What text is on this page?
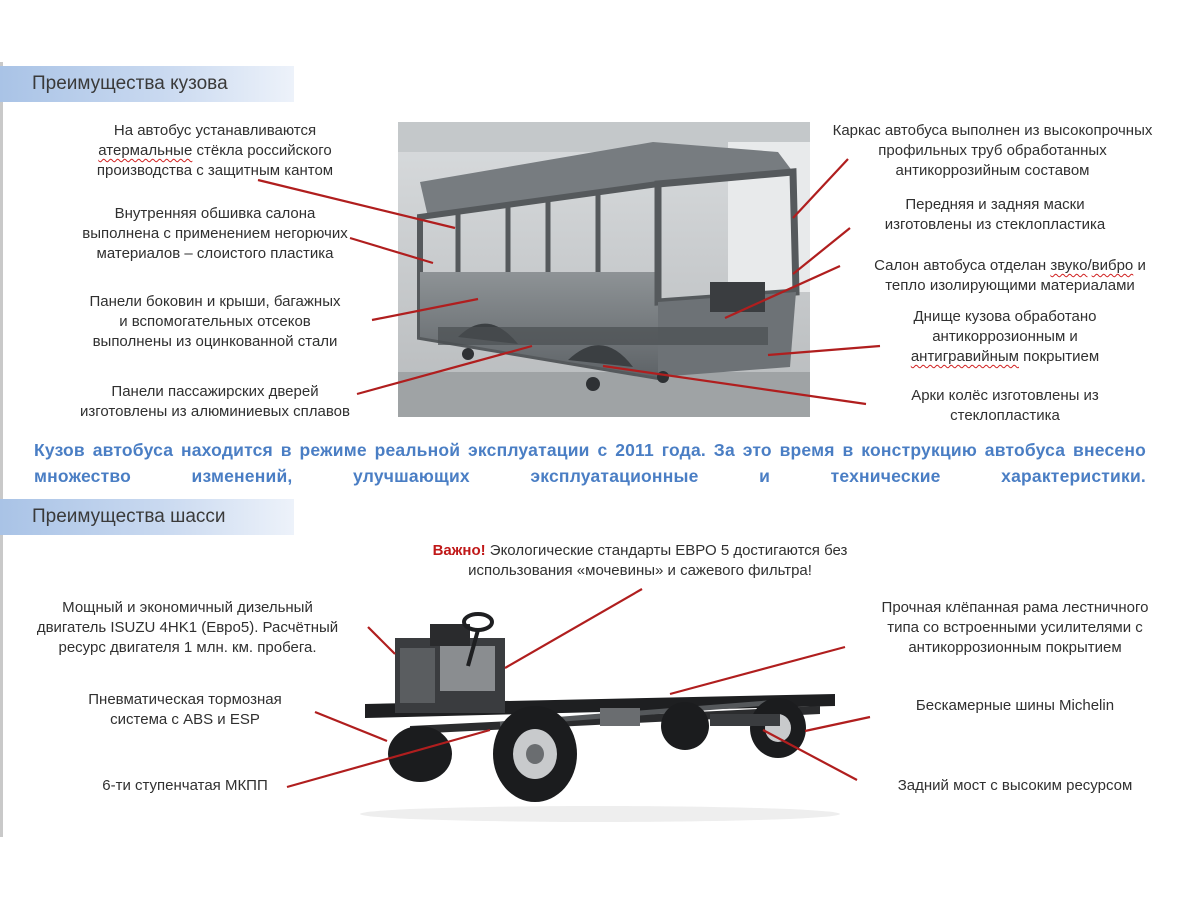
Преимущества кузова
На автобус устанавливаются
атермальные стёкла российского
производства с защитным кантом
Внутренняя обшивка салона
выполнена с применением негорючих
материалов – слоистого пластика
Панели боковин и крыши, багажных
и вспомогательных отсеков
выполнены из оцинкованной стали
Панели пассажирских дверей
изготовлены из алюминиевых сплавов
Каркас автобуса выполнен из высокопрочных
профильных труб обработанных
антикоррозийным составом
Передняя и задняя маски
изготовлены из стеклопластика
Салон автобуса отделан звуко/вибро и
тепло изолирующими материалами
Днище кузова обработано
антикоррозионным и
антигравийным покрытием
Арки колёс изготовлены из
стеклопластика
Кузов автобуса находится в режиме реальной эксплуатации с 2011 года. За это время в конструкцию автобуса внесено множество изменений, улучшающих эксплуатационные и технические характеристики.
Преимущества шасси
Важно! Экологические стандарты ЕВРО 5 достигаются без
использования «мочевины» и сажевого фильтра!
Мощный и экономичный дизельный
двигатель ISUZU 4HK1 (Евро5). Расчётный
ресурс двигателя 1 млн. км. пробега.
Пневматическая тормозная
система с ABS и ESP
6-ти ступенчатая МКПП
Прочная клёпанная рама лестничного
типа со встроенными усилителями с
антикоррозионным покрытием
Бескамерные шины Michelin
Задний мост с высоким ресурсом
